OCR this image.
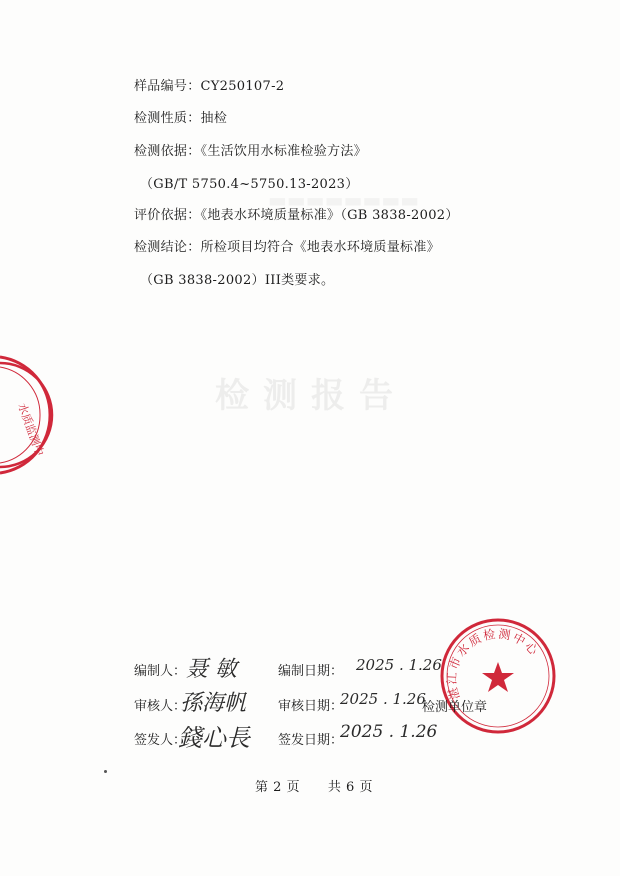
▬▬▬▬▬▬▬▬
检测报告
样品编号：CY250107-2
检测性质：抽检
检测依据：《生活饮用水标准检验方法》
（GB/T 5750.4~5750.13-2023）
评价依据：《地表水环境质量标准》（GB 3838-2002）
检测结论：所检项目均符合《地表水环境质量标准》
（GB 3838-2002）III类要求。
水质监测中
湛江市水质检测中心
编制人： 聂 敏	编制日期： 2025 . 1.26
审核人：
孫海帆 审核日期：
2025 . 1.26
检测单位章
签发人：
錢心長 签发日期：
2025 . 1.26
第 2 页 共 6 页
